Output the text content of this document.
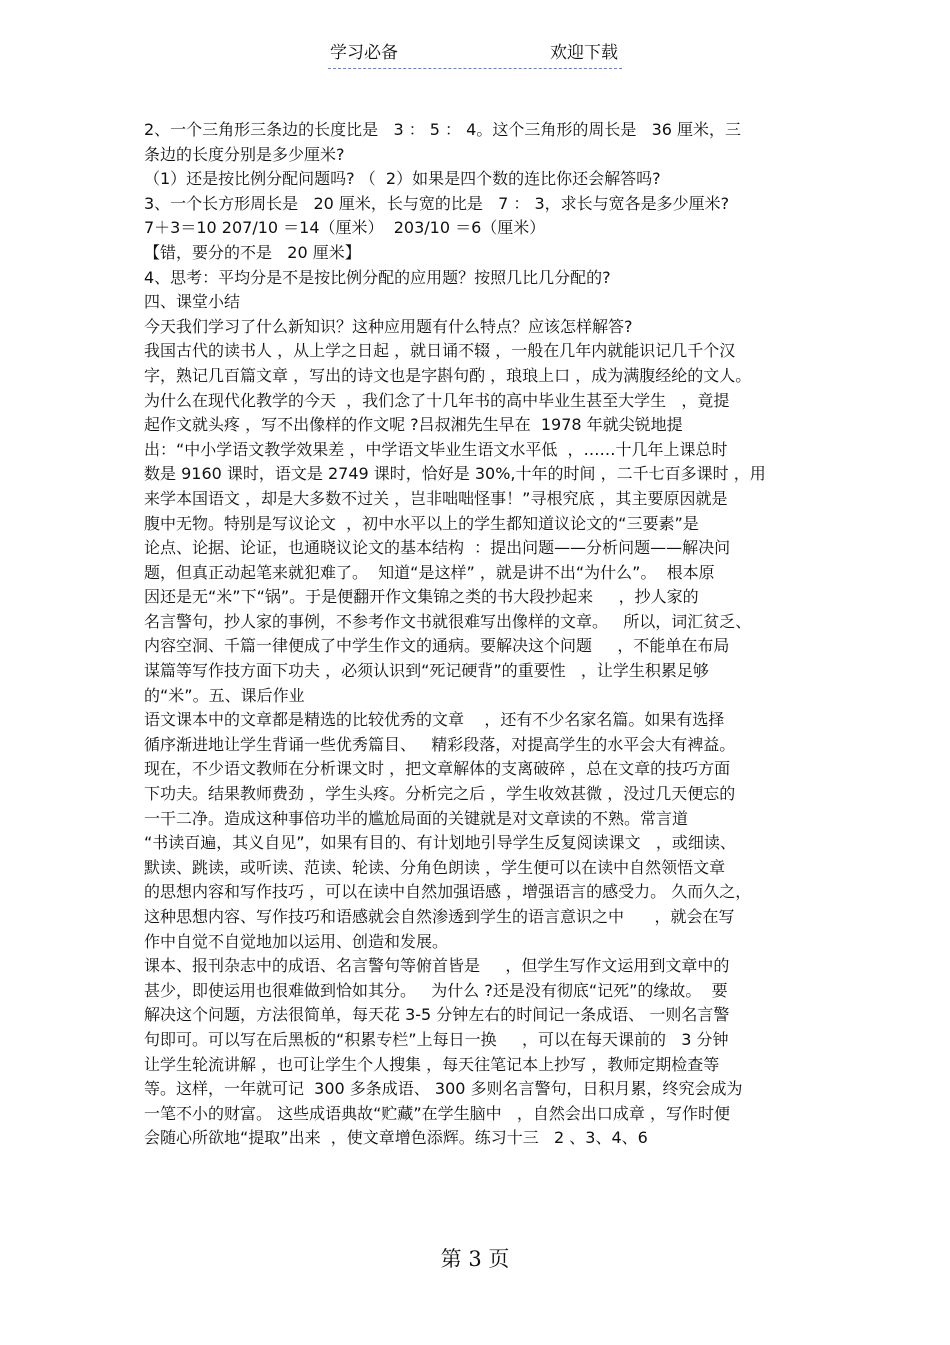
学习必备	欢迎下载
2、一个三角形三条边的长度比是   3 ： 5 ： 4。这个三角形的周长是   36 厘米，三
条边的长度分别是多少厘米?
（1）还是按比例分配问题吗? （  2）如果是四个数的连比你还会解答吗?
3、一个长方形周长是   20 厘米，长与宽的比是   7 ： 3，求长与宽各是多少厘米?
7＋3＝10 207/10 ＝14（厘米）  203/10 ＝6（厘米）
【错，要分的不是   20 厘米】
4、思考：平均分是不是按比例分配的应用题？按照几比几分配的?
四、课堂小结
今天我们学习了什么新知识？这种应用题有什么特点？应该怎样解答?
我国古代的读书人 ，从上学之日起 ，就日诵不辍 ，一般在几年内就能识记几千个汉
字，熟记几百篇文章 ，写出的诗文也是字斟句酌 ，琅琅上口 ，成为满腹经纶的文人。
为什么在现代化教学的今天  ，我们念了十几年书的高中毕业生甚至大学生   ，竟提
起作文就头疼 ，写不出像样的作文呢 ?吕叔湘先生早在  1978 年就尖锐地提
出：“中小学语文教学效果差 ，中学语文毕业生语文水平低  ，……十几年上课总时
数是 9160 课时，语文是 2749 课时，恰好是 30%,十年的时间 ，二千七百多课时 ，用
来学本国语文 ，却是大多数不过关 ，岂非咄咄怪事！”寻根究底 ，其主要原因就是
腹中无物。特别是写议论文  ，初中水平以上的学生都知道议论文的“三要素”是
论点、论据、论证，也通晓议论文的基本结构  ：提出问题——分析问题——解决问
题，但真正动起笔来就犯难了。  知道“是这样” ，就是讲不出“为什么”。  根本原
因还是无“米”下“锅”。于是便翻开作文集锦之类的书大段抄起来     ，抄人家的
名言警句，抄人家的事例，不参考作文书就很难写出像样的文章。   所以，词汇贫乏、
内容空洞、千篇一律便成了中学生作文的通病。要解决这个问题     ，不能单在布局
谋篇等写作技方面下功夫 ，必须认识到“死记硬背”的重要性   ，让学生积累足够
的“米”。五、课后作业
语文课本中的文章都是精选的比较优秀的文章    ，还有不少名家名篇。如果有选择
循序渐进地让学生背诵一些优秀篇目、   精彩段落，对提高学生的水平会大有裨益。
现在，不少语文教师在分析课文时 ，把文章解体的支离破碎 ，总在文章的技巧方面
下功夫。结果教师费劲 ，学生头疼。分析完之后 ，学生收效甚微 ，没过几天便忘的
一干二净。造成这种事倍功半的尴尬局面的关键就是对文章读的不熟。常言道
“书读百遍，其义自见”，如果有目的、有计划地引导学生反复阅读课文   ，或细读、
默读、跳读，或听读、范读、轮读、分角色朗读 ，学生便可以在读中自然领悟文章
的思想内容和写作技巧 ，可以在读中自然加强语感 ，增强语言的感受力。 久而久之，
这种思想内容、写作技巧和语感就会自然渗透到学生的语言意识之中      ，就会在写
作中自觉不自觉地加以运用、创造和发展。
课本、报刊杂志中的成语、名言警句等俯首皆是     ，但学生写作文运用到文章中的
甚少，即使运用也很难做到恰如其分。   为什么 ?还是没有彻底“记死”的缘故。  要
解决这个问题，方法很简单，每天花 3-5 分钟左右的时间记一条成语、 一则名言警
句即可。可以写在后黑板的“积累专栏”上每日一换     ，可以在每天课前的   3 分钟
让学生轮流讲解 ，也可让学生个人搜集 ，每天往笔记本上抄写 ，教师定期检查等
等。这样，一年就可记  300 多条成语、 300 多则名言警句，日积月累，终究会成为
一笔不小的财富。 这些成语典故“贮藏”在学生脑中   ，自然会出口成章 ，写作时便
会随心所欲地“提取”出来  ，使文章增色添辉。练习十三   2 、3、4、6
第 3 页
